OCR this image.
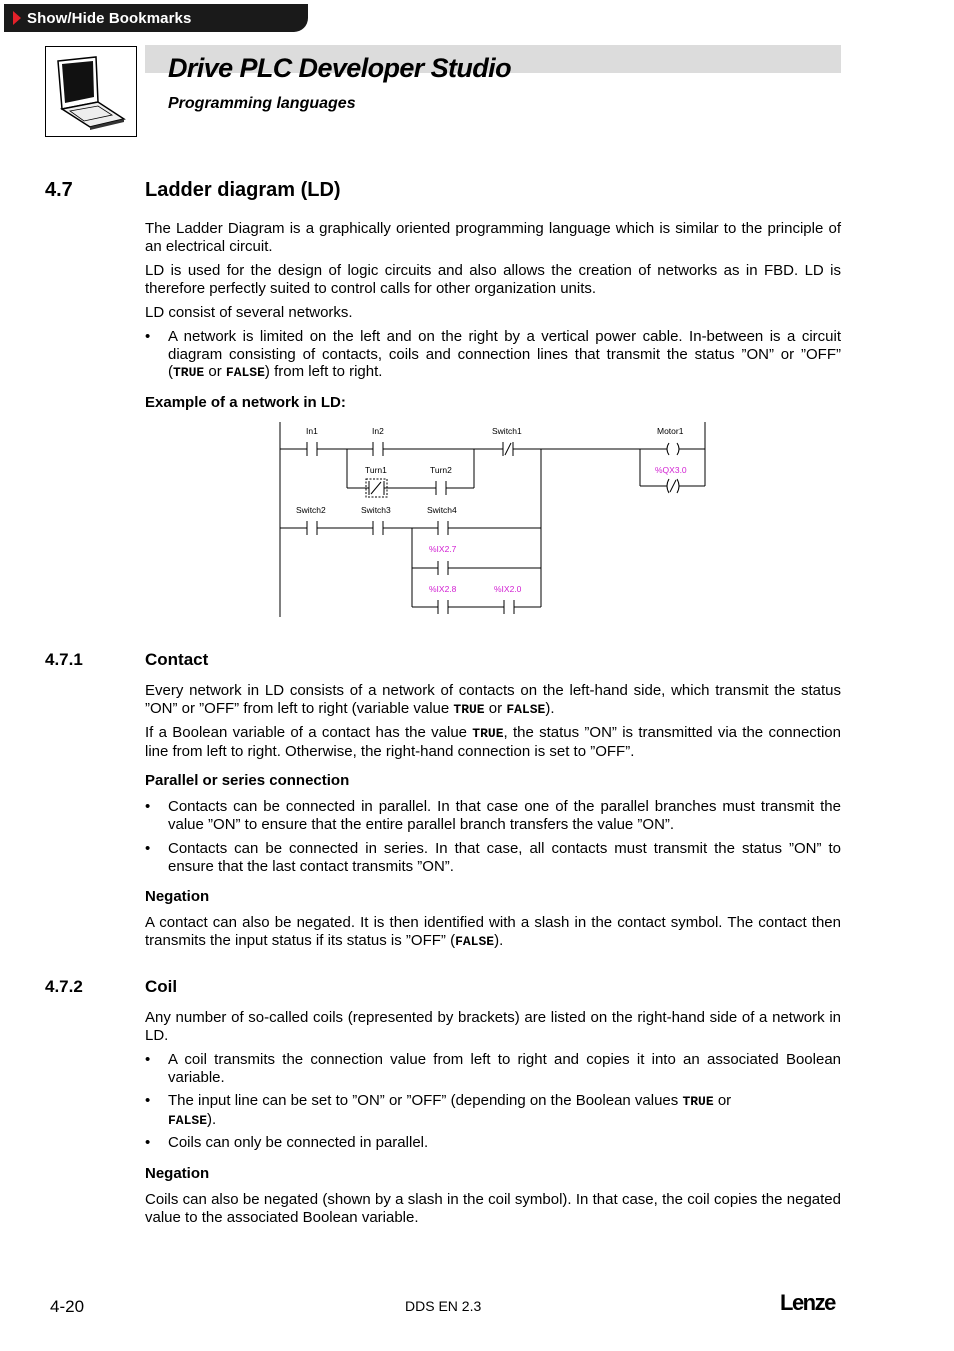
Show/Hide Bookmarks
Drive PLC Developer Studio
Programming languages
4.7	Ladder diagram (LD)
The Ladder Diagram is a graphically oriented programming language which is similar to the principle of an electrical circuit.
LD is used for the design of logic circuits and also allows the creation of networks as in FBD. LD is therefore perfectly suited to control calls for other organization units.
LD consist of several networks.
• A network is limited on the left and on the right by a vertical power cable. In-between is a circuit diagram consisting of contacts, coils and connection lines that transmit the status ”ON” or ”OFF” (TRUE or FALSE) from left to right.
Example of a network in LD:
In1	In2	Switch1	Motor1
Turn1	Turn2
Switch2	Switch3	Switch4
%QX3.0
%IX2.7
%IX2.8	%IX2.0
4.7.1	Contact
Every network in LD consists of a network of contacts on the left-hand side, which transmit the status ”ON” or ”OFF” from left to right (variable value TRUE or FALSE).
If a Boolean variable of a contact has the value TRUE, the status ”ON” is transmitted via the connection line from left to right. Otherwise, the right-hand connection is set to ”OFF”.
Parallel or series connection
• Contacts can be connected in parallel. In that case one of the parallel branches must transmit the value ”ON” to ensure that the entire parallel branch transfers the value ”ON”.
• Contacts can be connected in series. In that case, all contacts must transmit the status ”ON” to ensure that the last contact transmits ”ON”.
Negation
A contact can also be negated. It is then identified with a slash in the contact symbol. The contact then transmits the input status if its status is ”OFF” (FALSE).
4.7.2	Coil
Any number of so-called coils (represented by brackets) are listed on the right-hand side of a network in LD.
• A coil transmits the connection value from left to right and copies it into an associated Boolean variable.
• The input line can be set to ”ON” or ”OFF” (depending on the Boolean values TRUE or
FALSE).
• Coils can only be connected in parallel.
Negation
Coils can also be negated (shown by a slash in the coil symbol). In that case, the coil copies the negated value to the associated Boolean variable.
4-20	DDS EN 2.3	Lenze
